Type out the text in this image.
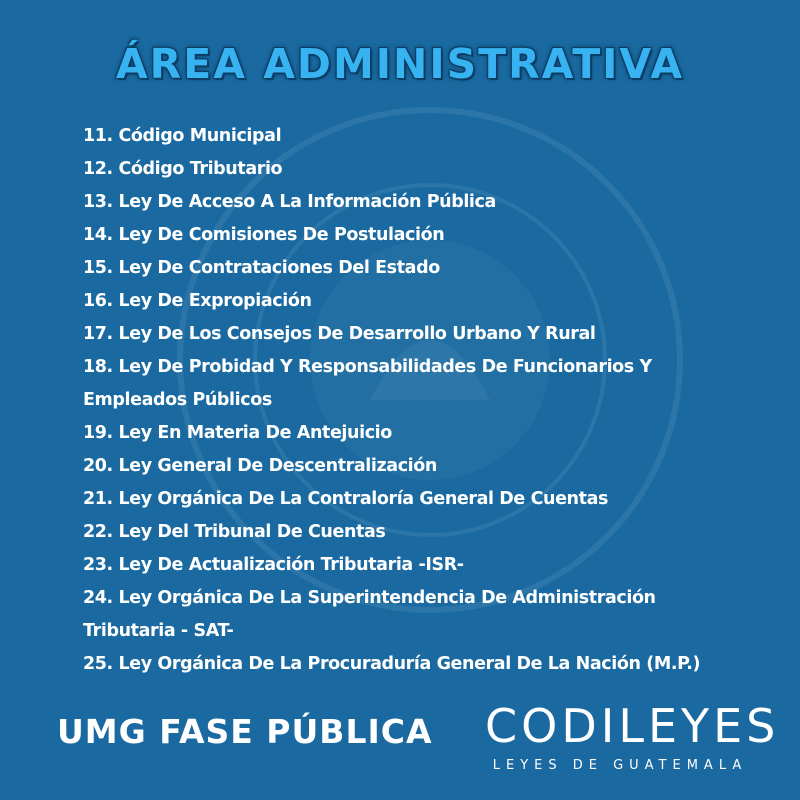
ÁREA ADMINISTRATIVA
11. Código Municipal
12. Código Tributario
13. Ley De Acceso A La Información Pública
14. Ley De Comisiones De Postulación
15. Ley De Contrataciones Del Estado
16. Ley De Expropiación
17. Ley De Los Consejos De Desarrollo Urbano Y Rural
18. Ley De Probidad Y Responsabilidades De Funcionarios Y
Empleados Públicos
19. Ley En Materia De Antejuicio
20. Ley General De Descentralización
21. Ley Orgánica De La Contraloría General De Cuentas
22. Ley Del Tribunal De Cuentas
23. Ley De Actualización Tributaria -ISR-
24. Ley Orgánica De La Superintendencia De Administración
Tributaria - SAT-
25. Ley Orgánica De La Procuraduría General De La Nación (M.P.)
UMG FASE PÚBLICA CODILEYES
LEYES DE GUATEMALA
